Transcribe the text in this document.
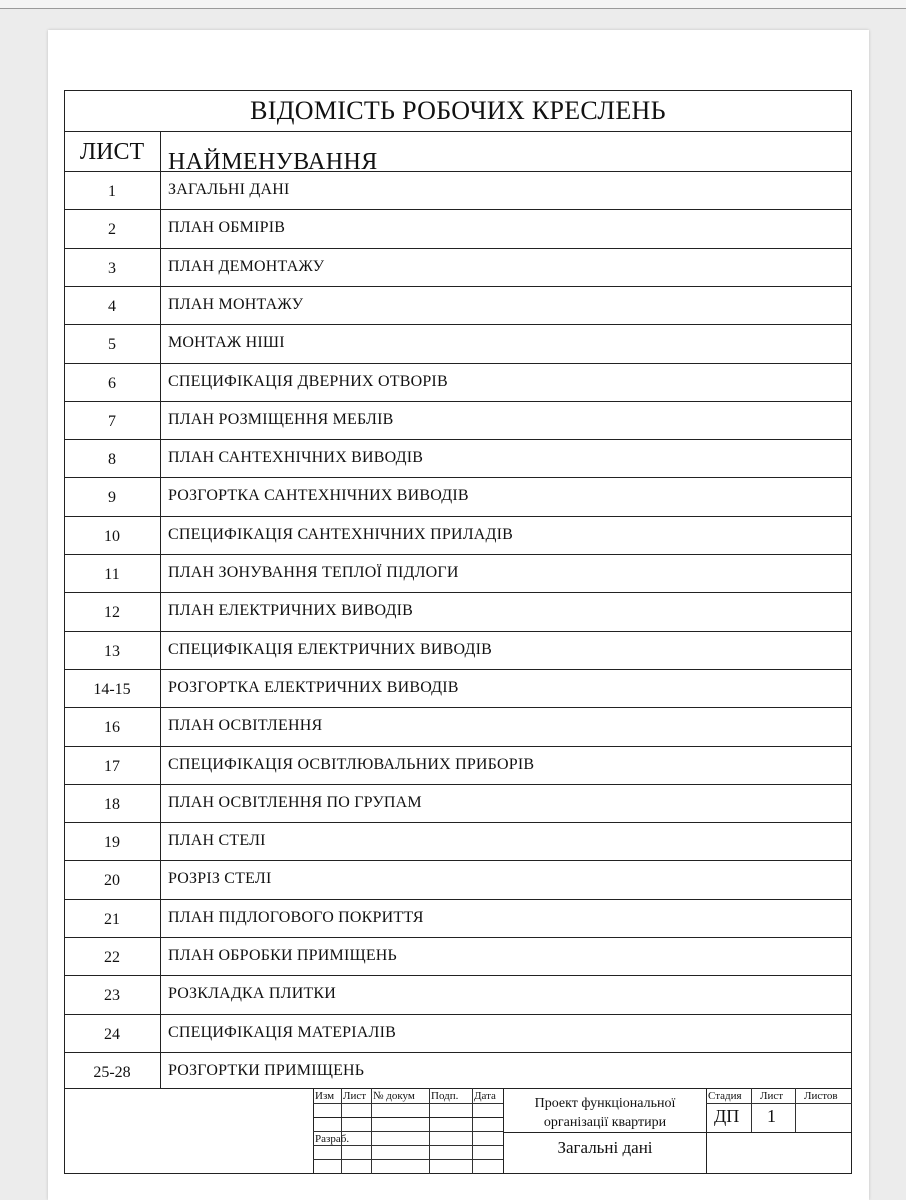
ВІДОМІСТЬ РОБОЧИХ КРЕСЛЕНЬ
ЛИСТ НАЙМЕНУВАННЯ
1	ЗАГАЛЬНІ ДАНІ
2	ПЛАН ОБМІРІВ
3	ПЛАН ДЕМОНТАЖУ
4	ПЛАН МОНТАЖУ
5	МОНТАЖ НІШІ
6	СПЕЦИФІКАЦІЯ ДВЕРНИХ ОТВОРІВ
7	ПЛАН РОЗМІЩЕННЯ МЕБЛІВ
8	ПЛАН САНТЕХНІЧНИХ ВИВОДІВ
9	РОЗГОРТКА САНТЕХНІЧНИХ ВИВОДІВ
10	СПЕЦИФІКАЦІЯ САНТЕХНІЧНИХ ПРИЛАДІВ
11	ПЛАН ЗОНУВАННЯ ТЕПЛОЇ ПІДЛОГИ
12	ПЛАН ЕЛЕКТРИЧНИХ ВИВОДІВ
13	СПЕЦИФІКАЦІЯ ЕЛЕКТРИЧНИХ ВИВОДІВ
14-15	РОЗГОРТКА ЕЛЕКТРИЧНИХ ВИВОДІВ
16	ПЛАН ОСВІТЛЕННЯ
17	СПЕЦИФІКАЦІЯ ОСВІТЛЮВАЛЬНИХ ПРИБОРІВ
18	ПЛАН ОСВІТЛЕННЯ ПО ГРУПАМ
19	ПЛАН СТЕЛІ
20	РОЗРІЗ СТЕЛІ
21	ПЛАН ПІДЛОГОВОГО ПОКРИТТЯ
22	ПЛАН ОБРОБКИ ПРИМІЩЕНЬ
23	РОЗКЛАДКА ПЛИТКИ
24	СПЕЦИФІКАЦІЯ МАТЕРІАЛІВ
25-28	РОЗГОРТКИ ПРИМІЩЕНЬ
Изм Лист № докум Подп. Дата
Разраб.
Проект функціональної
організації квартири
Загальні дані
Стадия Лист Листов
ДП 1
